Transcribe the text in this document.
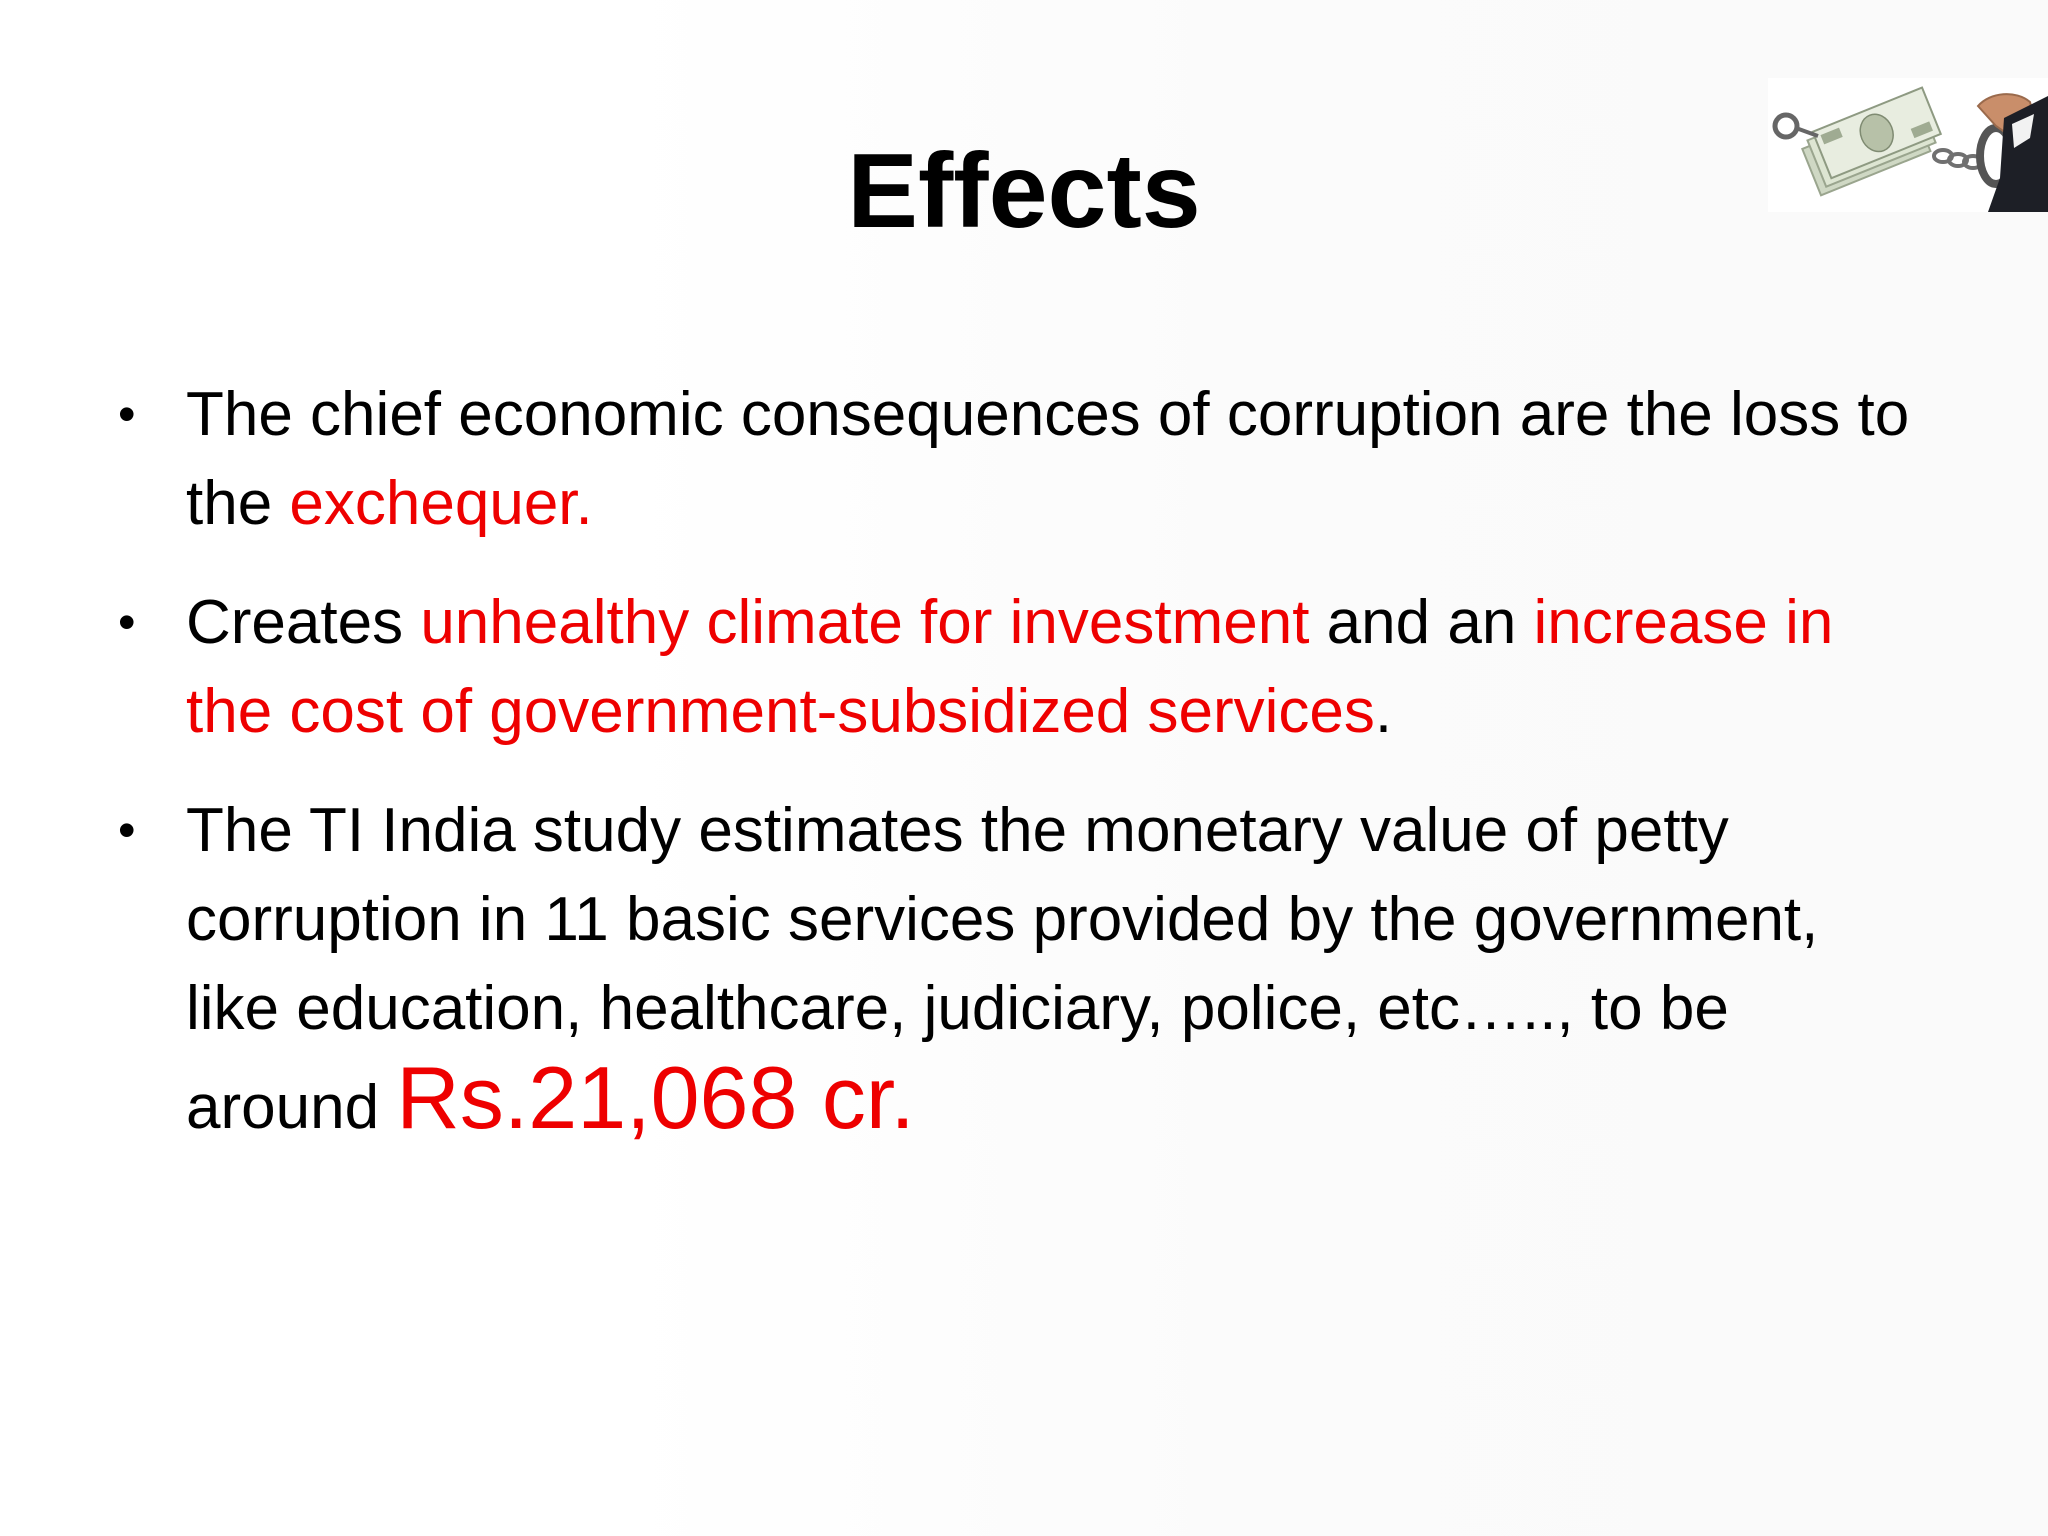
Effects
• The chief economic consequences of corruption are the loss to the exchequer.
• Creates unhealthy climate for investment and an increase in the cost of government-subsidized services.
• The TI India study estimates the monetary value of petty corruption in 11 basic services provided by the government, like education, healthcare, judiciary, police, etc….., to be around Rs.21,068 cr.
